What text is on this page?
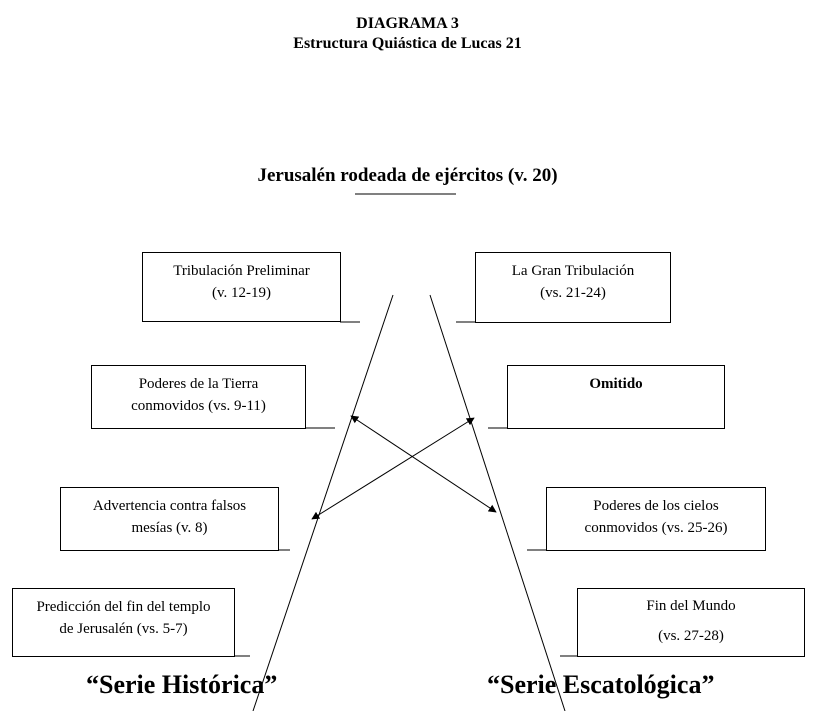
DIAGRAMA 3
Estructura Quiástica de Lucas 21
Jerusalén rodeada de ejércitos (v. 20)
Tribulación Preliminar
(v. 12-19)
Poderes de la Tierra
conmovidos (vs. 9-11)
Advertencia contra falsos
mesías (v. 8)
Predicción del fin del templo
de Jerusalén (vs. 5-7)
La Gran Tribulación
(vs. 21-24)
Omitido
Poderes de los cielos
conmovidos (vs. 25-26)
Fin del Mundo
(vs. 27-28)
“Serie Histórica”	“Serie Escatológica”
